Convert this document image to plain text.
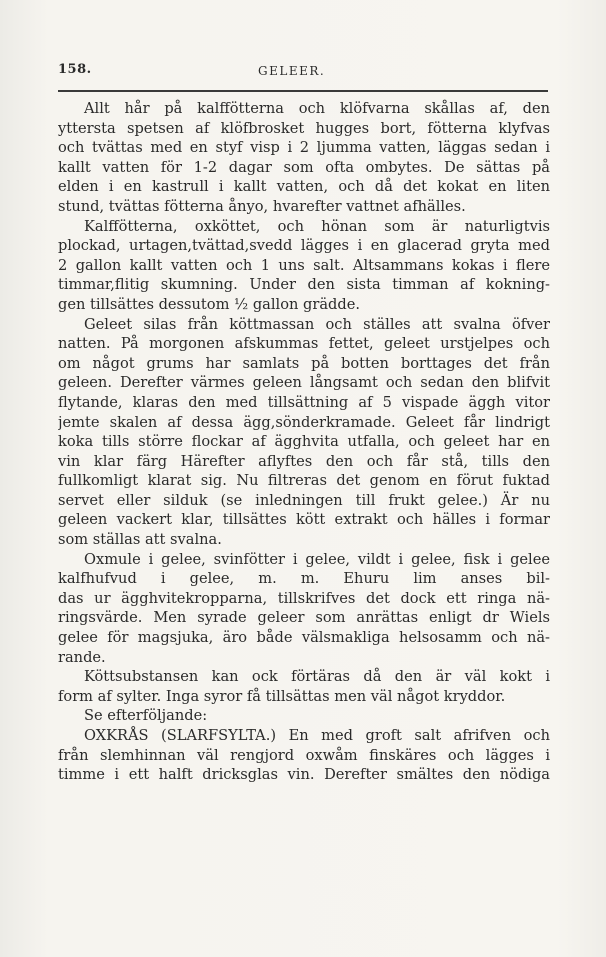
158.	GELEER.
Allt hår på kalffötterna och klöfvarna skållas af, den
yttersta spetsen af klöfbrosket hugges bort, fötterna klyfvas
och tvättas med en styf visp i 2 ljumma vatten, läggas sedan i
kallt vatten för 1-2 dagar som ofta ombytes. De sättas på
elden i en kastrull i kallt vatten, och då det kokat en liten
stund, tvättas fötterna ånyo, hvarefter vattnet afhälles.
Kalffötterna, oxköttet, och hönan som är naturligtvis
plockad, urtagen,tvättad,svedd lägges i en glacerad gryta med
2 gallon kallt vatten och 1 uns salt. Altsammans kokas i flere
timmar,flitig skumning. Under den sista timman af kokning-
gen tillsättes dessutom ½ gallon grädde.
Geleet silas från köttmassan och ställes att svalna öfver
natten. På morgonen afskummas fettet, geleet urstjelpes och
om något grums har samlats på botten borttages det från
geleen. Derefter värmes geleen långsamt och sedan den blifvit
flytande, klaras den med tillsättning af 5 vispade äggh vitor
jemte skalen af dessa ägg,sönderkramade. Geleet får lindrigt
koka tills större flockar af ägghvita utfalla, och geleet har en
vin klar färg Härefter aflyftes den och får stå, tills den
fullkomligt klarat sig. Nu filtreras det genom en förut fuktad
servet eller silduk (se inledningen till frukt gelee.) Är nu
geleen vackert klar, tillsättes kött extrakt och hälles i formar
som ställas att svalna.
Oxmule i gelee, svinfötter i gelee, vildt i gelee, fisk i gelee
kalfhufvud i gelee, m. m. Ehuru lim anses bil-
das ur ägghvitekropparna, tillskrifves det dock ett ringa nä-
ringsvärde. Men syrade geleer som anrättas enligt dr Wiels
gelee för magsjuka, äro både välsmakliga helsosamm och nä-
rande.
Köttsubstansen kan ock förtäras då den är väl kokt i
form af sylter. Inga syror få tillsättas men väl något kryddor.
Se efterföljande:
OXKRÅS (SLARFSYLTA.) En med groft salt afrifven och
från slemhinnan väl rengjord oxwåm finskäres och lägges i
timme i ett halft dricksglas vin. Derefter smältes den nödiga
